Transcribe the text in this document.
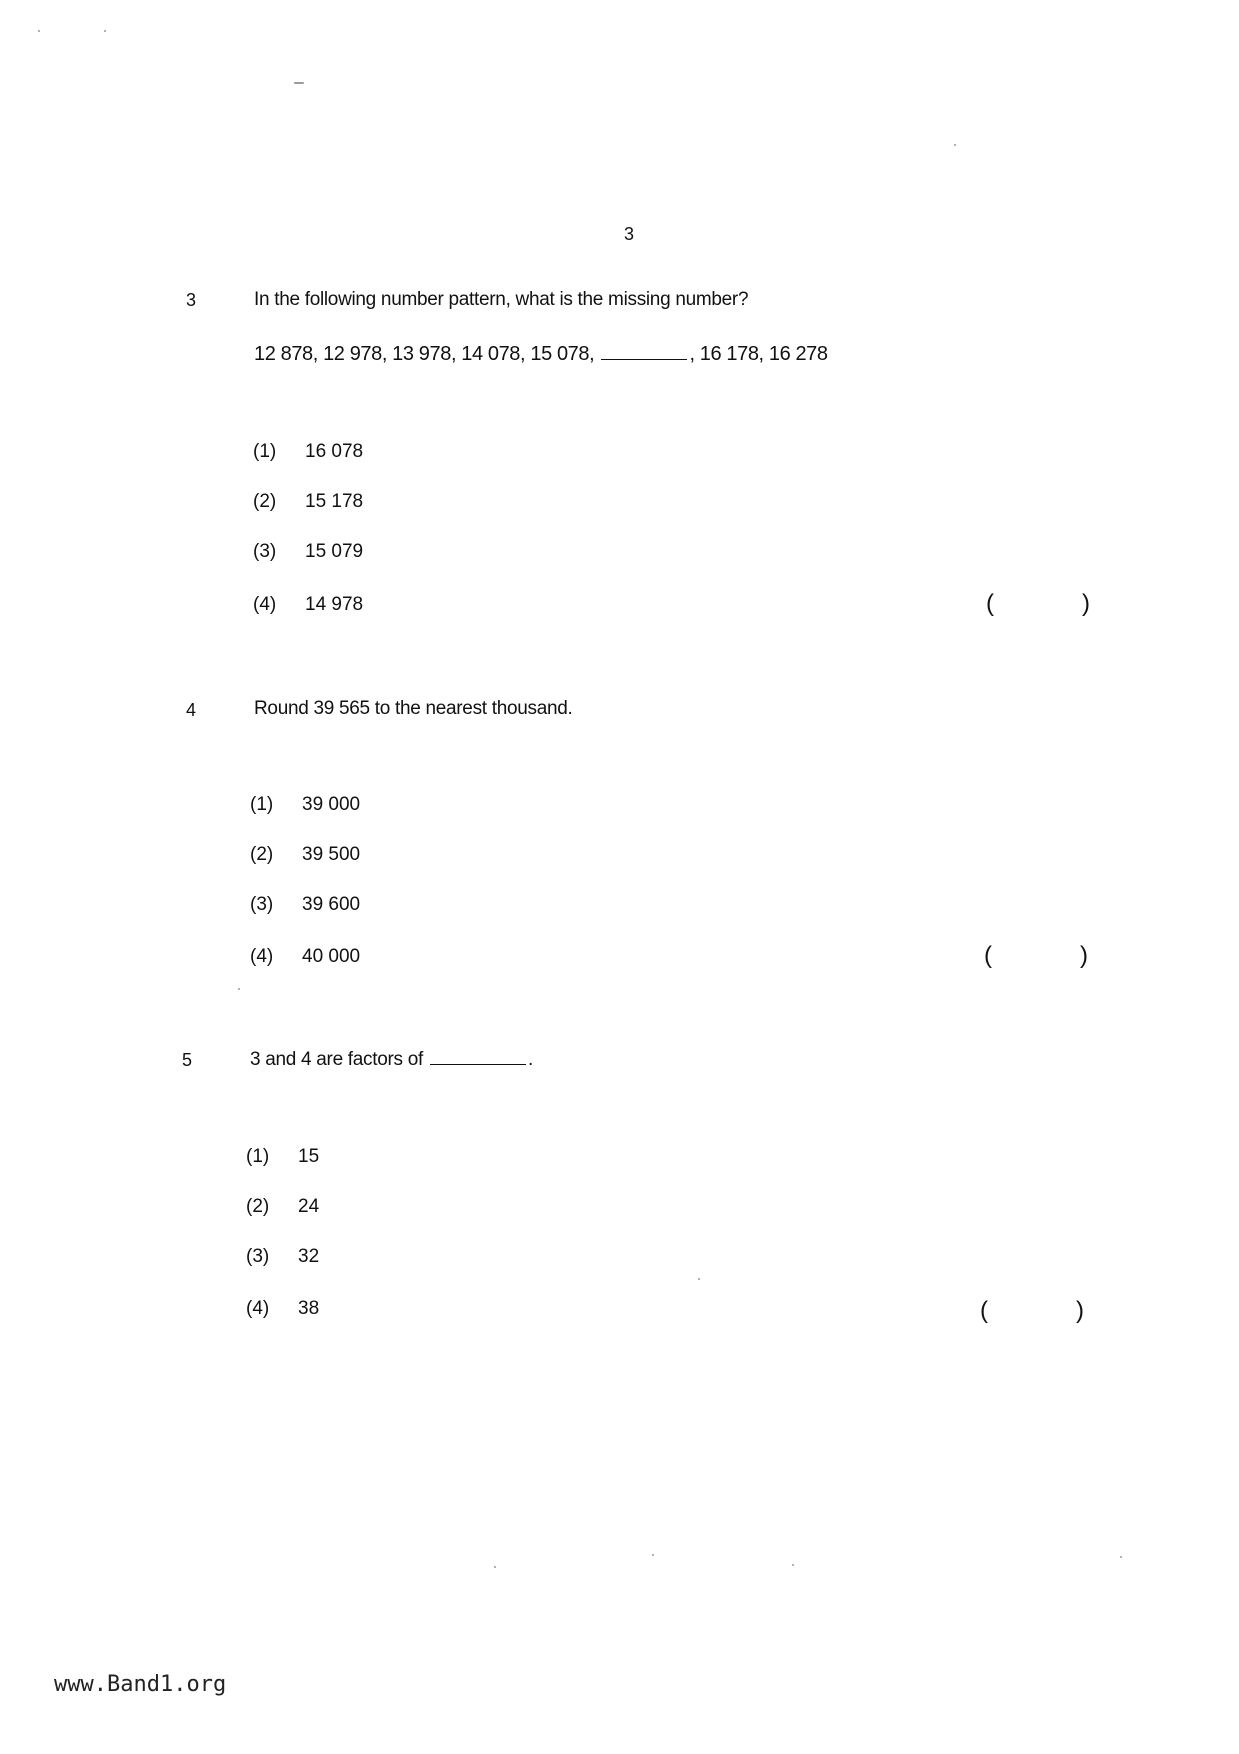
3
3	In the following number pattern, what is the missing number?
12 878, 12 978, 13 978, 14 078, 15 078,	, 16 178, 16 278
(1) 16 078
(2) 15 178
(3) 15 079
(4) 14 978	(	)
4	Round 39 565 to the nearest thousand.
(1) 39 000
(2) 39 500
(3) 39 600
(4) 40 000	(	)
5	3 and 4 are factors of	.
(1) 15
(2) 24
(3) 32
(4) 38	(	)
www.Band1.org
